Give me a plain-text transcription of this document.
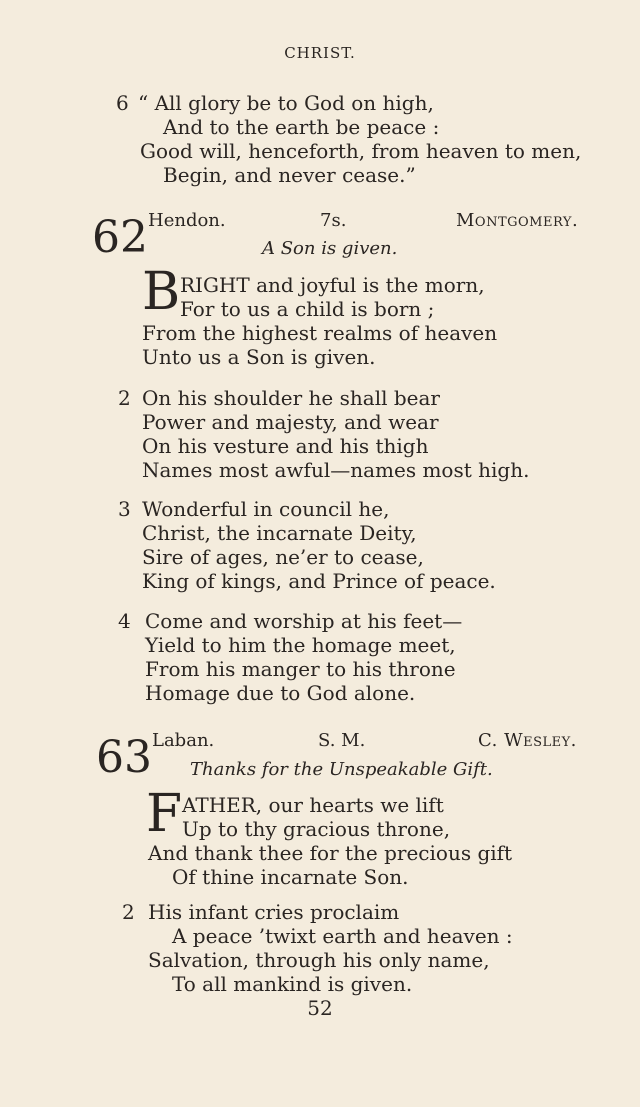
CHRIST.
6 “ All glory be to God on high,
And to the earth be peace :
Good will, henceforth, from heaven to men,
Begin, and never cease.”
62 Hendon.	7s.	Montgomery.
A Son is given.
B RIGHT and joyful is the morn,
For to us a child is born ;
From the highest realms of heaven
Unto us a Son is given.
2 On his shoulder he shall bear
Power and majesty, and wear
On his vesture and his thigh
Names most awful—names most high.
3 Wonderful in council he,
Christ, the incarnate Deity,
Sire of ages, ne’er to cease,
King of kings, and Prince of peace.
4 Come and worship at his feet—
Yield to him the homage meet,
From his manger to his throne
Homage due to God alone.
63 Laban.	S. M.	C. Wesley.
Thanks for the Unspeakable Gift.
F ATHER, our hearts we lift
Up to thy gracious throne,
And thank thee for the precious gift
Of thine incarnate Son.
2 His infant cries proclaim
A peace ’twixt earth and heaven :
Salvation, through his only name,
To all mankind is given.
52
